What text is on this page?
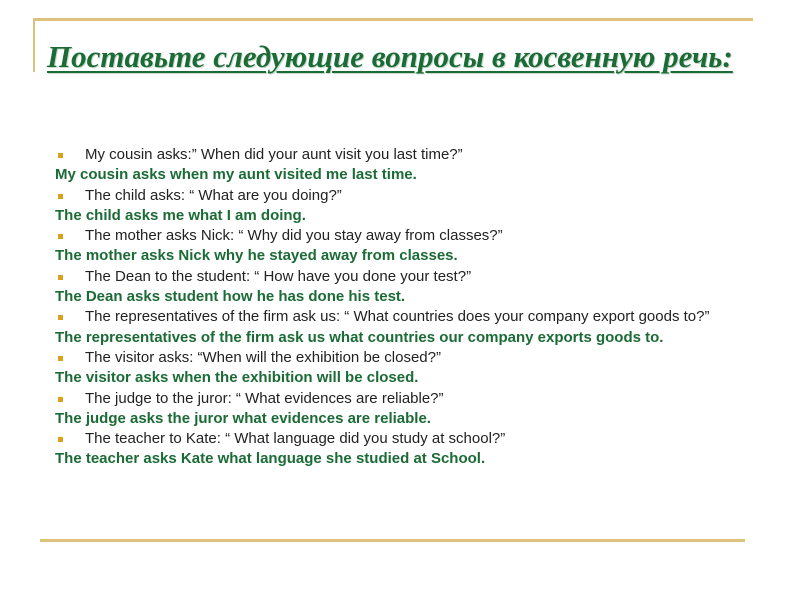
Поставьте следующие вопросы в косвенную речь:
My cousin asks:” When did your aunt visit you last time?”
My cousin asks when my aunt visited me last time.
The child asks: “ What are you doing?”
The child asks me what I am doing.
The mother asks Nick: “ Why did you stay away from classes?”
The mother asks Nick why he stayed away from classes.
The Dean to the student: “ How have you done your test?”
The Dean asks student how he has done his test.
The representatives of the firm ask us: “ What countries does your company export goods to?”
The representatives of the firm ask us what countries our company exports goods to.
The visitor asks: “When will the exhibition be closed?”
The visitor asks when the exhibition will be closed.
The judge to the juror: “ What evidences are reliable?”
The judge asks the juror what evidences are reliable.
The teacher to Kate: “ What language did you study at school?”
The teacher asks Kate what language she studied at School.
